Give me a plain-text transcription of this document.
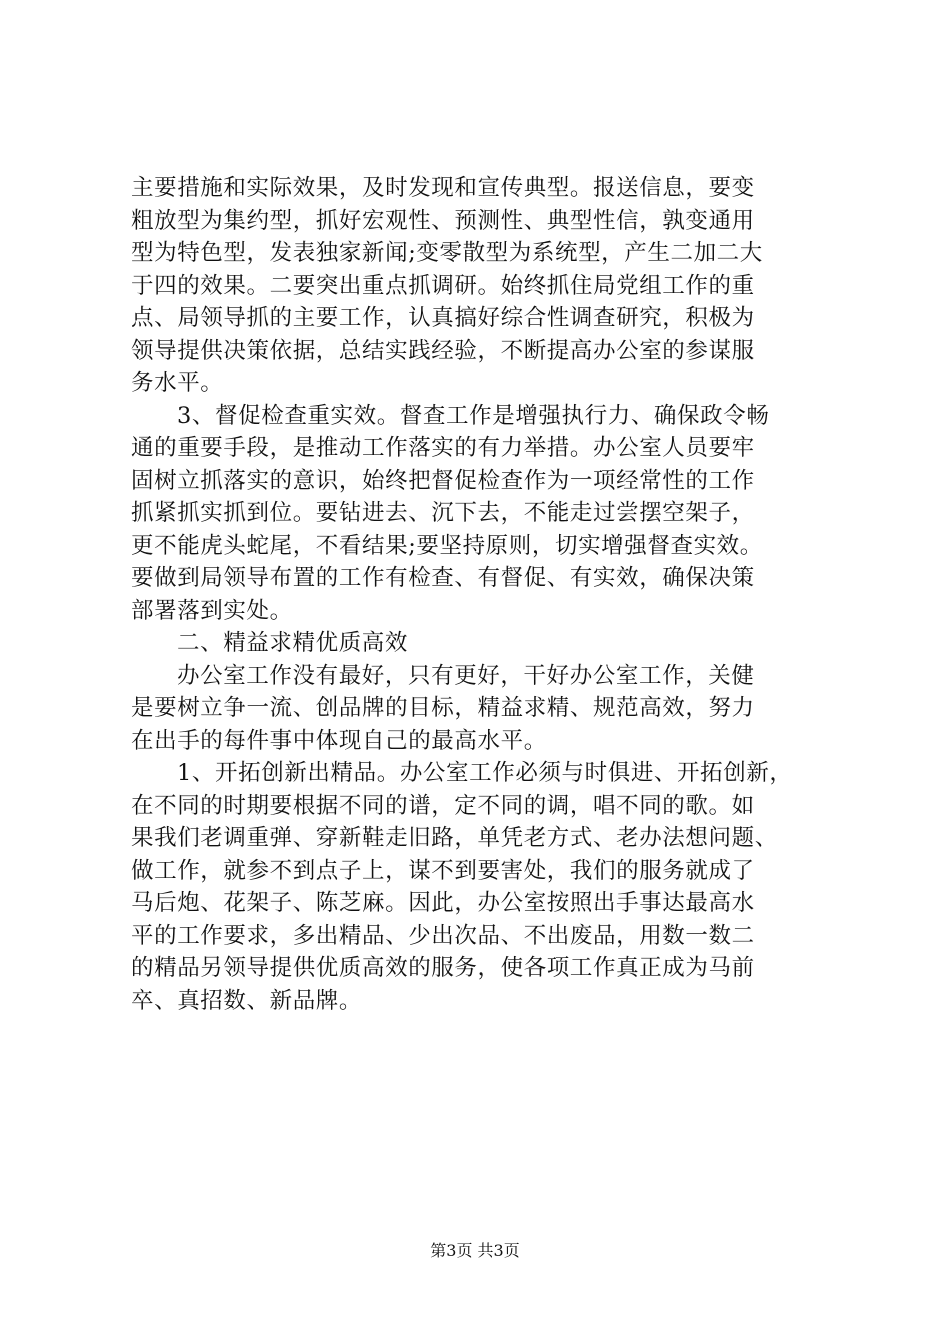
主要措施和实际效果，及时发现和宣传典型。报送信息，要变
粗放型为集约型，抓好宏观性、预测性、典型性信，孰变通用
型为特色型，发表独家新闻;变零散型为系统型，产生二加二大
于四的效果。二要突出重点抓调研。始终抓住局党组工作的重
点、局领导抓的主要工作，认真搞好综合性调查研究，积极为
领导提供决策依据，总结实践经验，不断提高办公室的参谋服
务水平。
3、督促检查重实效。督查工作是增强执行力、确保政令畅
通的重要手段，是推动工作落实的有力举措。办公室人员要牢
固树立抓落实的意识，始终把督促检查作为一项经常性的工作
抓紧抓实抓到位。要钻进去、沉下去，不能走过尝摆空架子，
更不能虎头蛇尾，不看结果;要坚持原则，切实增强督查实效。
要做到局领导布置的工作有检查、有督促、有实效，确保决策
部署落到实处。
二、精益求精优质高效
办公室工作没有最好，只有更好，干好办公室工作，关健
是要树立争一流、创品牌的目标，精益求精、规范高效，努力
在出手的每件事中体现自己的最高水平。
1、开拓创新出精品。办公室工作必须与时俱进、开拓创新，
在不同的时期要根据不同的谱，定不同的调，唱不同的歌。如
果我们老调重弹、穿新鞋走旧路，单凭老方式、老办法想问题、
做工作，就参不到点子上，谋不到要害处，我们的服务就成了
马后炮、花架子、陈芝麻。因此，办公室按照出手事达最高水
平的工作要求，多出精品、少出次品、不出废品，用数一数二
的精品另领导提供优质高效的服务，使各项工作真正成为马前
卒、真招数、新品牌。
第3页 共3页
